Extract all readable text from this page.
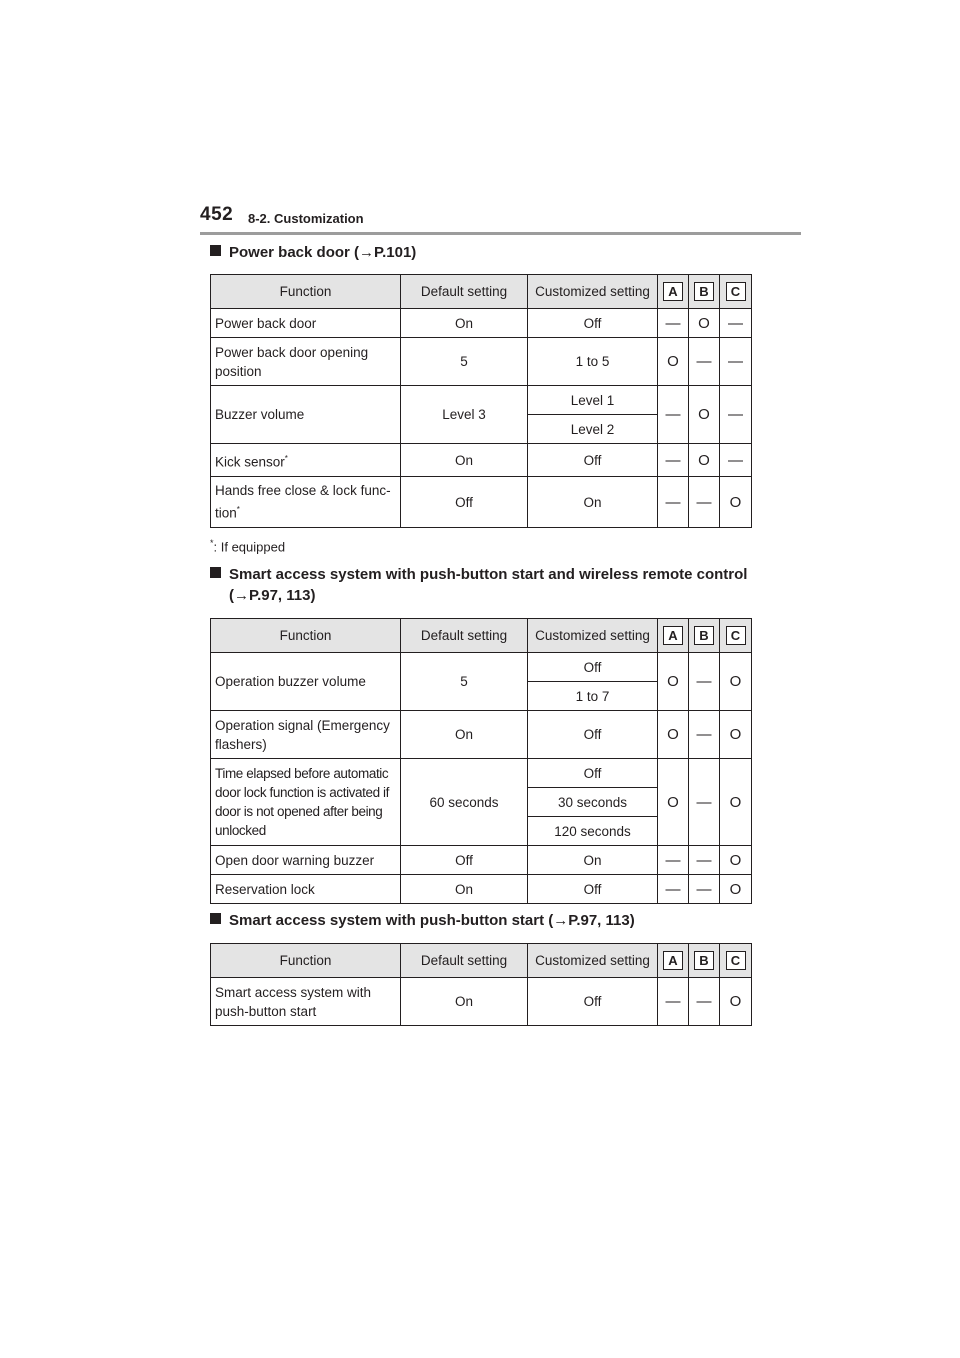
452 8-2. Customization
Power back door (→P.101)
Function	Default setting	Customized setting	A	B	C
Power back door	On	Off	—	O	—
Power back door opening position	5	1 to 5	O	—	—
Buzzer volume	Level 3	Level 1	—	O	—
		Level 2			
Kick sensor*	On	Off	—	O	—
Hands free close & lock func-tion*	Off	On	—	—	O
*: If equipped
Smart access system with push-button start and wireless remote control
(→P.97, 113)
Function	Default setting	Customized setting	A	B	C
Operation buzzer volume	5	Off	O	—	O
		1 to 7			
Operation signal (Emergency flashers)	On	Off	O	—	O
Time elapsed before automatic door lock function is activated if door is not opened after being unlocked	60 seconds	Off	O	—	O
		30 seconds			
		120 seconds			
Open door warning buzzer	Off	On	—	—	O
Reservation lock	On	Off	—	—	O
Smart access system with push-button start (→P.97, 113)
Function	Default setting	Customized setting	A	B	C
Smart access system with push-button start	On	Off	—	—	O
